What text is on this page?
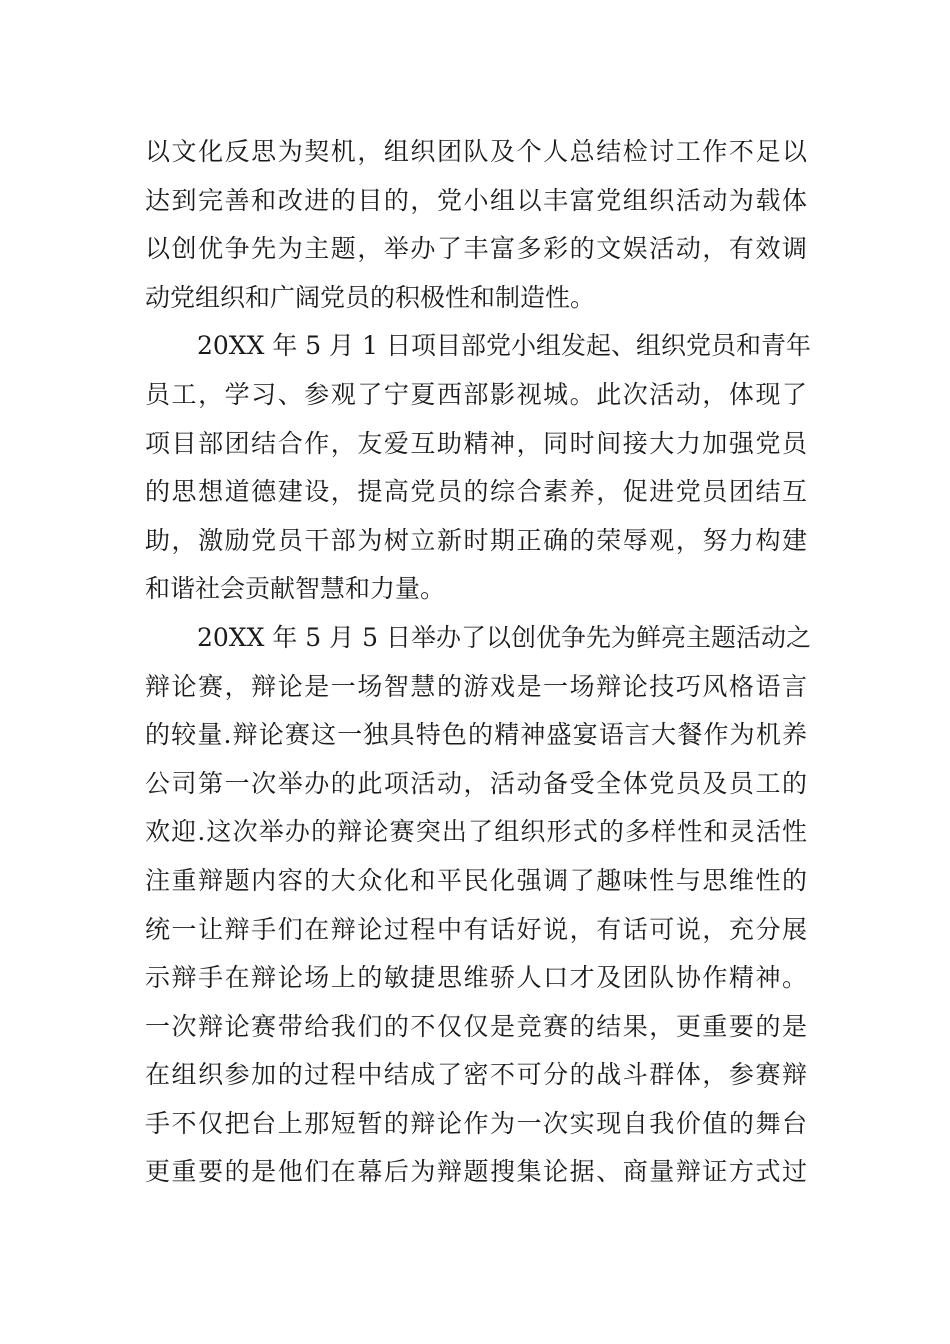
以文化反思为契机，组织团队及个人总结检讨工作不足以
达到完善和改进的目的，党小组以丰富党组织活动为载体
以创优争先为主题，举办了丰富多彩的文娱活动，有效调
动党组织和广阔党员的积极性和制造性。
20XX 年 5 月 1 日项目部党小组发起、组织党员和青年
员工，学习、参观了宁夏西部影视城。此次活动，体现了
项目部团结合作，友爱互助精神，同时间接大力加强党员
的思想道德建设，提高党员的综合素养，促进党员团结互
助，激励党员干部为树立新时期正确的荣辱观，努力构建
和谐社会贡献智慧和力量。
20XX 年 5 月 5 日举办了以创优争先为鲜亮主题活动之
辩论赛，辩论是一场智慧的游戏是一场辩论技巧风格语言
的较量.辩论赛这一独具特色的精神盛宴语言大餐作为机养
公司第一次举办的此项活动，活动备受全体党员及员工的
欢迎.这次举办的辩论赛突出了组织形式的多样性和灵活性
注重辩题内容的大众化和平民化强调了趣味性与思维性的
统一让辩手们在辩论过程中有话好说，有话可说，充分展
示辩手在辩论场上的敏捷思维骄人口才及团队协作精神。
一次辩论赛带给我们的不仅仅是竞赛的结果，更重要的是
在组织参加的过程中结成了密不可分的战斗群体，参赛辩
手不仅把台上那短暂的辩论作为一次实现自我价值的舞台
更重要的是他们在幕后为辩题搜集论据、商量辩证方式过
